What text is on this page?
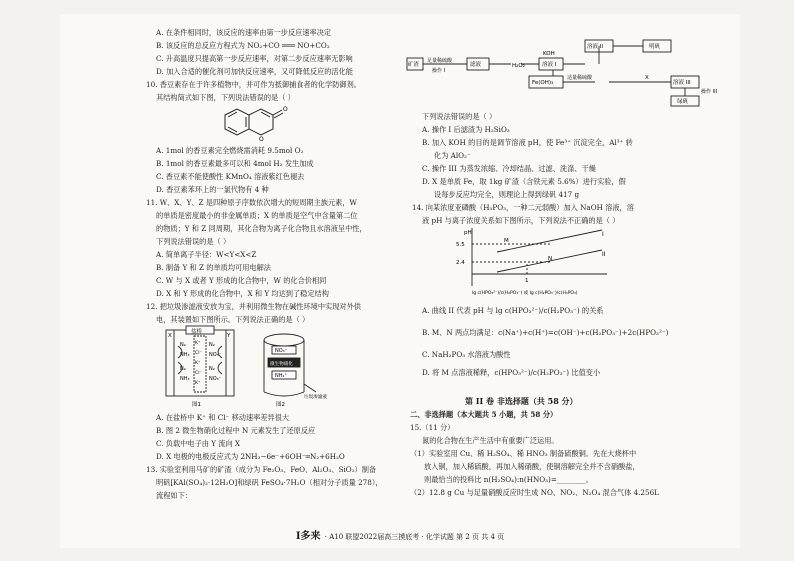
A. 在条件相同时，该反应的速率由第一步反应速率决定
B. 该反应的总反应方程式为 NO₂+CO ═══ NO+CO₂
C. 升高温度只提高第一步反应速率，对第二步反应速率无影响
D. 加入合适的催化剂可加快反应速率，又可降低反应的活化能
10. 香豆素存在于许多植物中，并可作为抵御捕食者的化学防御剂。
其结构简式如下图，下列说法错误的是（ ）
O
O
A. 1mol 的香豆素完全燃烧需消耗 9.5mol O₂
B. 1mol 的香豆素最多可以和 4mol H₂ 发生加成
C. 香豆素不能使酸性 KMnO₄ 溶液紫红色褪去
D. 香豆素苯环上的一氯代物有 4 种
11. W、X、Y、Z 是四种原子序数依次增大的短周期主族元素，W
的单质是密度最小的非金属单质；X 的单质是空气中含量第二位
的物质；Y 和 Z 同周期，其化合物为离子化合物且水溶液呈中性，
下列说法错误的是（ ）
A. 简单离子半径：W<Y<X<Z
B. 制备 Y 和 Z 的单质均可用电解法
C. W 与 X 或者 Y 形成的化合物中，W 的化合价相同
D. X 和 Y 形成的化合物中，X 和 Y 均达到了稳定结构
12. 把垃圾渗滤液安放为宝，并利用微生物在碱性环境中实现对外供
电，其装置如下图所示。下列说法正确的是（ ）
盐桥
X	Y
N₂
NH₃
N₂
NH₃
K⁺
Cl⁻
K⁺
Cl⁻
K⁺
N₂
NO₃⁻
N₂
NO₃⁻
NO₃⁻
微生物硝化
NH₄⁺
垃圾渗滤液
图1	图2
A. 在盐桥中 K⁺ 和 Cl⁻ 移动速率差异很大
B. 图 2 微生物硝化过程中 N 元素发生了还原反应
C. 负载中电子由 Y 流向 X
D. X 电极的电极反应式为 2NH₃−6e⁻+6OH⁻═N₂+6H₂O
13. 实验室利用马矿的矿渣（成分为 Fe₂O₃、FeO、Al₂O₃、SiO₂）制备
明矾[KAl(SO₄)₂·12H₂O]和绿矾 FeSO₄·7H₂O（相对分子质量 278），
流程如下：
矿渣
足量稀硫酸
操作 I
滤液	H₂O₂
KOH
溶液 I
溶液 II	明矾
Fe(OH)₃
适量稀硫酸	X
溶液 III
操作 III
绿矾
下列说法错误的是（ ）
A. 操作 I 后滤渣为 H₂SiO₃
B. 加入 KOH 的目的是调节溶液 pH，使 Fe³⁺ 沉淀完全，Al³⁺ 转
化为 AlO₂⁻
C. 操作 III 为蒸发浓缩、冷却结晶、过滤、洗涤、干燥
D. X 是单质 Fe，取 1kg 矿渣（含铁元素 5.6%）进行实验，假
设每步反应均完全，则理论上得到绿矾 417 g
14. 向某浓度亚磷酸（H₃PO₃，一种二元弱酸）加入 NaOH 溶液，溶
液 pH 与离子浓度关系如下图所示，下列说法不正确的是（ ）
pH
5.5
2.4
M
N
I
II
1
lg c(HPO₃²⁻)/c(H₂PO₃⁻) 或 lg c(H₂PO₃⁻)/c(H₃PO₃)
A. 曲线 II 代表 pH 与 lg c(HPO₃²⁻)/c(H₂PO₃⁻) 的关系
B. M、N 两点均满足：c(Na⁺)+c(H⁺)=c(OH⁻)+c(H₂PO₃⁻)+2c(HPO₃²⁻)
C. NaH₂PO₃ 水溶液为酸性
D. 将 M 点溶液稀释，c(HPO₃²⁻)/c(H₂PO₃⁻) 比值变小
第 II 卷 非选择题（共 58 分）
二、非选择题（本大题共 5 小题，共 58 分）
15.（11 分）
氮的化合物在生产生活中有重要广泛运用。
（1）实验室用 Cu、稀 H₂SO₄、稀 HNO₃ 制备硫酸铜。先在大烧杯中
放入铜，加入稀硫酸，再加入稀硝酸，使铜溶解完全并不含硝酸盐，
则最恰当的投料比 n(H₂SO₄):n(HNO₃)=________。
（2）12.8 g Cu 与足量硝酸反应时生成 NO、NO₂、N₂O₄ 混合气体 4.256L
I多来 · A10 联盟2022届高三摸底考 · 化学试题 第 2 页 共 4 页
